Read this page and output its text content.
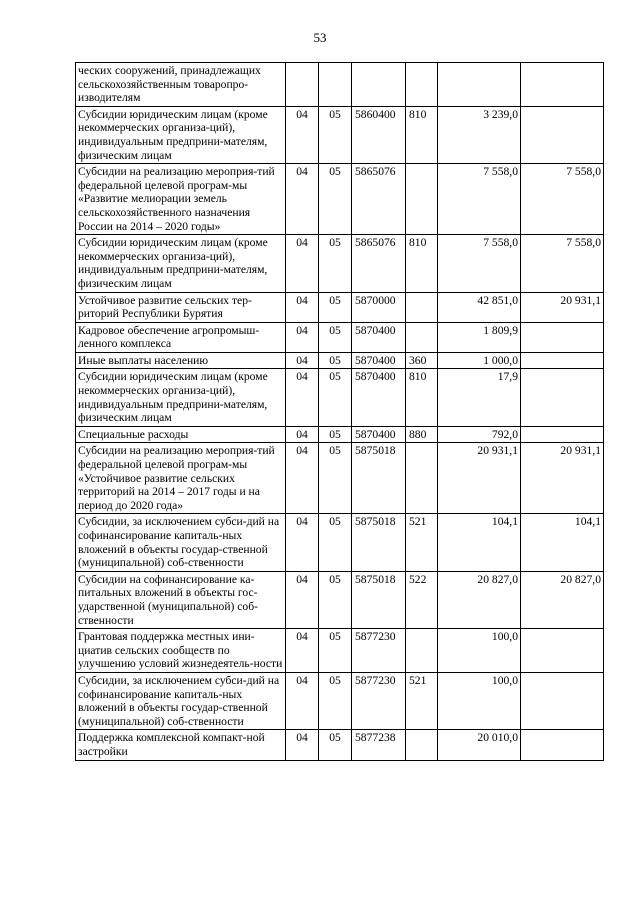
53
ческих сооружений, принадлежащих сельскохозяйственным товаропро-изводителям						
Субсидии юридическим лицам (кроме некоммерческих организа-ций), индивидуальным предприни-мателям, физическим лицам	04	05	5860400	810	3 239,0	
Субсидии на реализацию мероприя-тий федеральной целевой програм-мы «Развитие мелиорации земель сельскохозяйственного назначения России на 2014 – 2020 годы»	04	05	5865076		7 558,0	7 558,0
Субсидии юридическим лицам (кроме некоммерческих организа-ций), индивидуальным предприни-мателям, физическим лицам	04	05	5865076	810	7 558,0	7 558,0
Устойчивое развитие сельских тер-риторий Республики Бурятия	04	05	5870000		42 851,0	20 931,1
Кадровое обеспечение агропромыш-ленного комплекса	04	05	5870400		1 809,9	
Иные выплаты населению	04	05	5870400	360	1 000,0	
Субсидии юридическим лицам (кроме некоммерческих организа-ций), индивидуальным предприни-мателям, физическим лицам	04	05	5870400	810	17,9	
Специальные расходы	04	05	5870400	880	792,0	
Субсидии на реализацию мероприя-тий федеральной целевой програм-мы «Устойчивое развитие сельских территорий на 2014 – 2017 годы и на период до 2020 года»	04	05	5875018		20 931,1	20 931,1
Субсидии, за исключением субси-дий на софинансирование капиталь-ных вложений в объекты государ-ственной (муниципальной) соб-ственности	04	05	5875018	521	104,1	104,1
Субсидии на софинансирование ка-питальных вложений в объекты гос-ударственной (муниципальной) соб-ственности	04	05	5875018	522	20 827,0	20 827,0
Грантовая поддержка местных ини-циатив сельских сообществ по улучшению условий жизнедеятель-ности	04	05	5877230		100,0	
Субсидии, за исключением субси-дий на софинансирование капиталь-ных вложений в объекты государ-ственной (муниципальной) соб-ственности	04	05	5877230	521	100,0	
Поддержка комплексной компакт-ной застройки	04	05	5877238		20 010,0	
